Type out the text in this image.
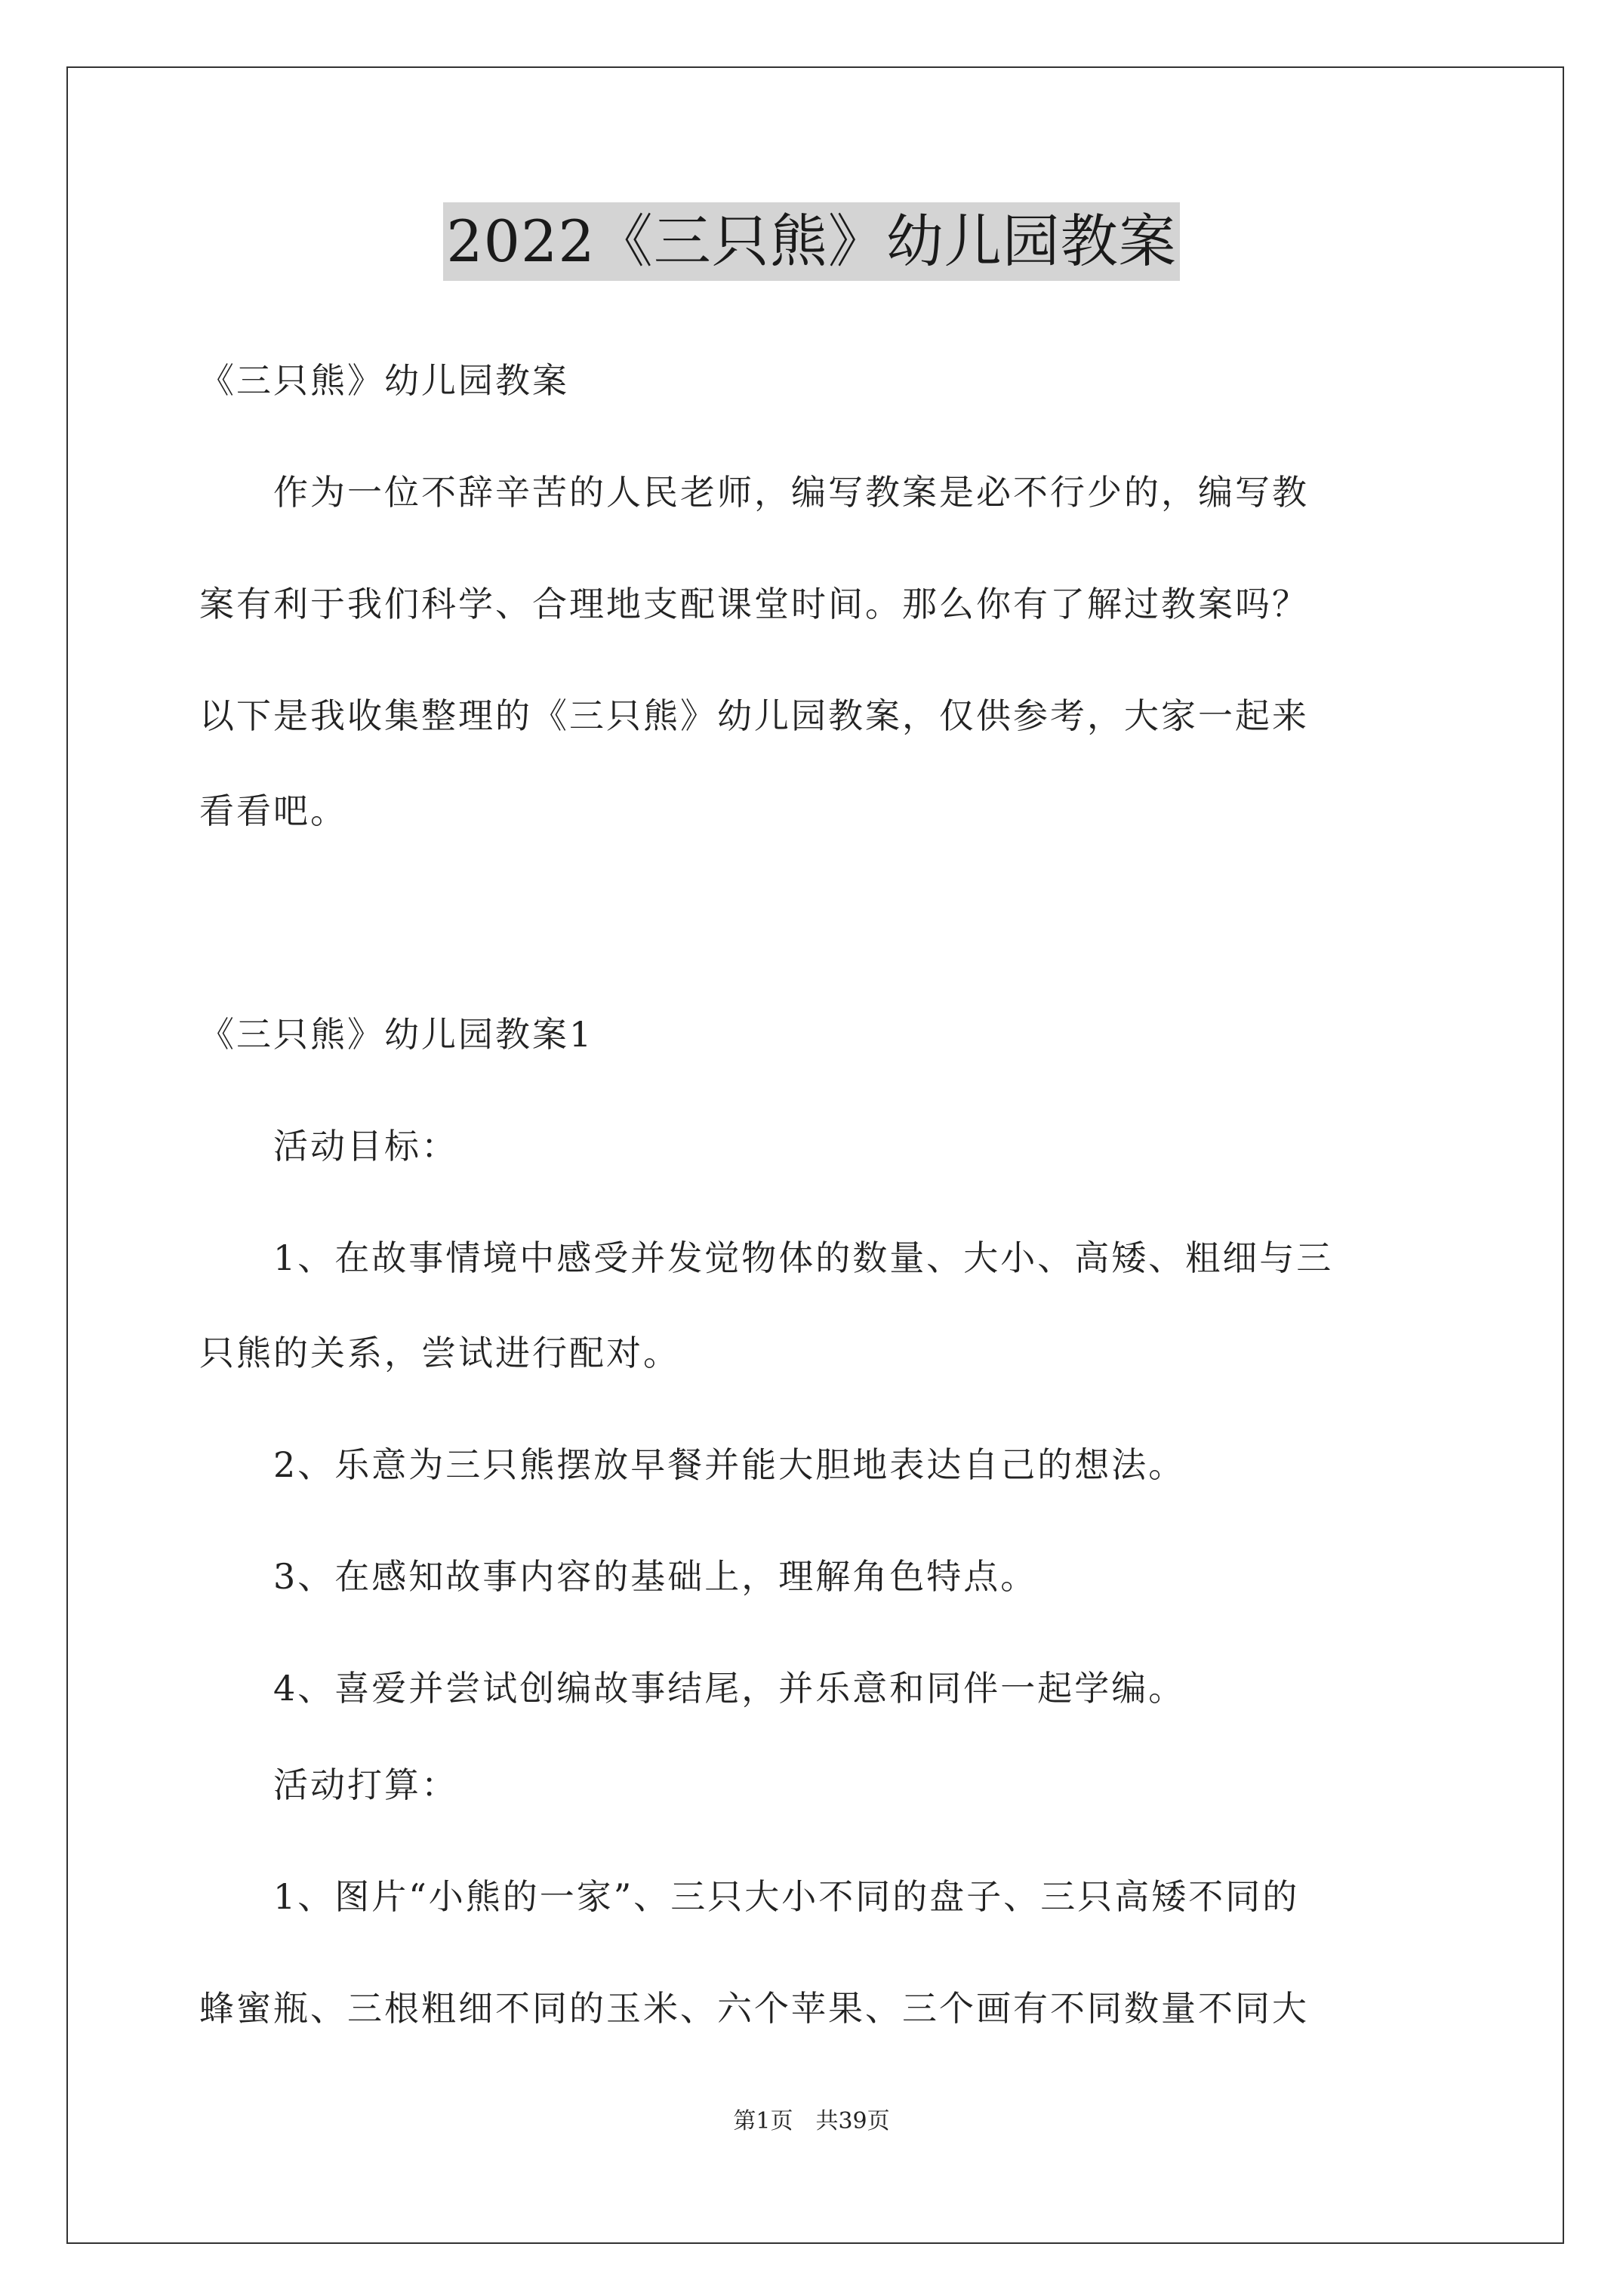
2022《三只熊》幼儿园教案
《三只熊》幼儿园教案
　　作为一位不辞辛苦的人民老师，编写教案是必不行少的，编写教
案有利于我们科学、合理地支配课堂时间。那么你有了解过教案吗？
以下是我收集整理的《三只熊》幼儿园教案，仅供参考，大家一起来
看看吧。
《三只熊》幼儿园教案1
　　活动目标：
　　1、在故事情境中感受并发觉物体的数量、大小、高矮、粗细与三
只熊的关系，尝试进行配对。
　　2、乐意为三只熊摆放早餐并能大胆地表达自己的想法。
　　3、在感知故事内容的基础上，理解角色特点。
　　4、喜爱并尝试创编故事结尾，并乐意和同伴一起学编。
　　活动打算：
　　1、图片“小熊的一家”、三只大小不同的盘子、三只高矮不同的
蜂蜜瓶、三根粗细不同的玉米、六个苹果、三个画有不同数量不同大
第1页　共39页
